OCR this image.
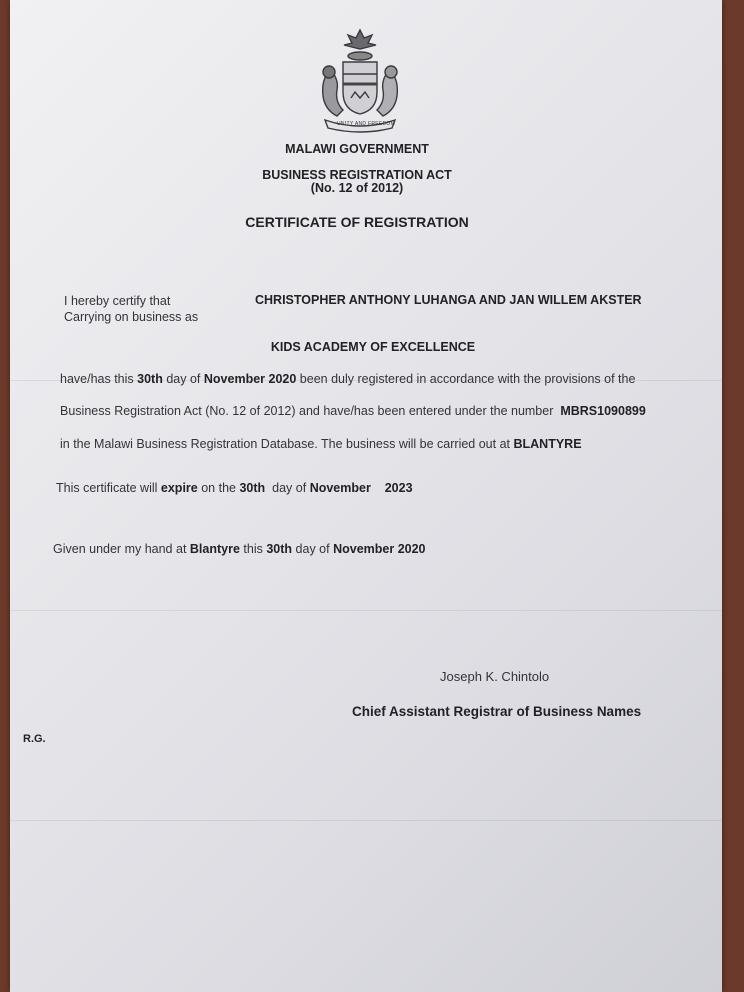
UNITY AND FREEDOM
MALAWI GOVERNMENT
BUSINESS REGISTRATION ACT
(No. 12 of 2012)
CERTIFICATE OF REGISTRATION
I hereby certify that
Carrying on business as
CHRISTOPHER ANTHONY LUHANGA AND JAN WILLEM AKSTER
KIDS ACADEMY OF EXCELLENCE
have/has this 30th day of November 2020 been duly registered in accordance with the provisions of the
Business Registration Act (No. 12 of 2012) and have/has been entered under the number MBRS1090899
in the Malawi Business Registration Database. The business will be carried out at BLANTYRE
This certificate will expire on the 30th day of November 2023
Given under my hand at Blantyre this 30th day of November 2020
Joseph K. Chintolo
Chief Assistant Registrar of Business Names
R.G.
